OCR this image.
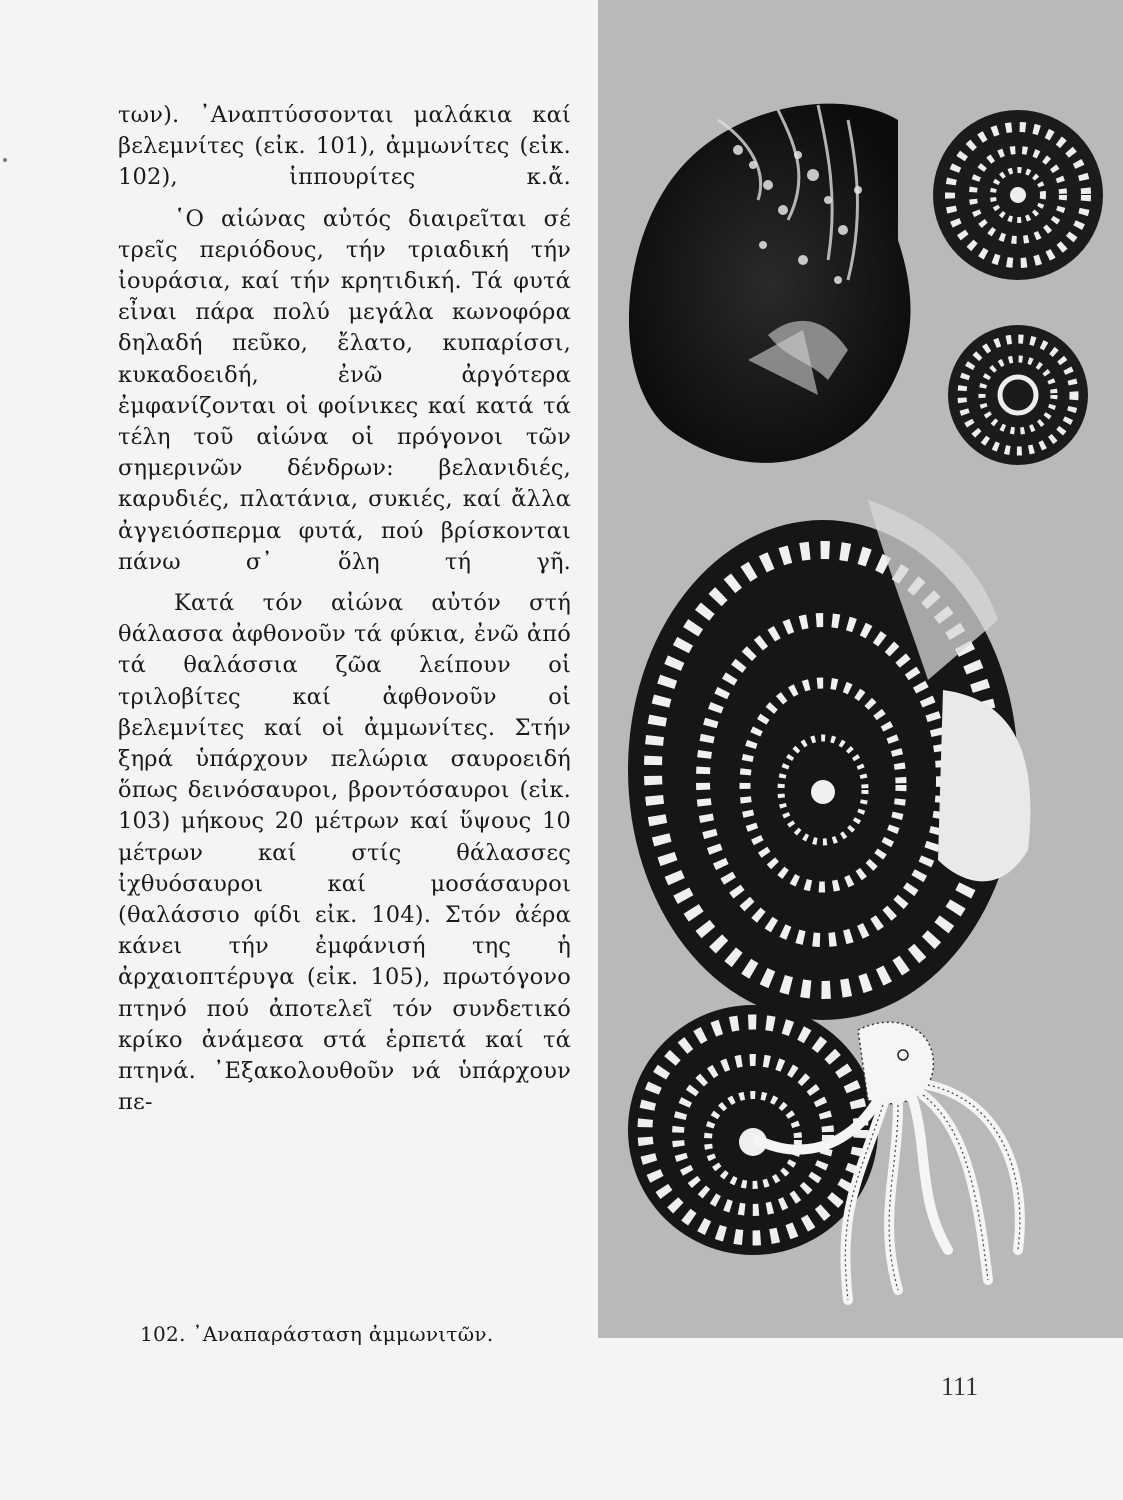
των). ᾿Αναπτύσσονται μαλάκια καί βελεμνίτες (εἰκ. 101), ἀμμωνίτες (εἰκ. 102), ἱππουρίτες κ.ἄ.

῾Ο αἰώνας αὐτός διαιρεῖται σέ τρεῖς περιόδους, τήν τριαδική τήν ἰουράσια, καί τήν κρητιδική. Τά φυτά εἶναι πάρα πολύ μεγάλα κωνοφόρα δηλαδή πεῦκο, ἔλατο, κυπαρίσσι, κυκαδοειδή, ἐνῶ ἀργότερα ἐμφανίζονται οἱ φοίνικες καί κατά τά τέλη τοῦ αἰώνα οἱ πρόγονοι τῶν σημερινῶν δένδρων: βελανιδιές, καρυδιές, πλατάνια, συκιές, καί ἄλλα ἀγγειόσπερμα φυτά, πού βρίσκονται πάνω σ᾿ ὅλη τή γῆ.

Κατά τόν αἰώνα αὐτόν στή θάλασσα ἀφθονοῦν τά φύκια, ἐνῶ ἀπό τά θαλάσσια ζῶα λείπουν οἱ τριλοβίτες καί ἀφθονοῦν οἱ βελεμνίτες καί οἱ ἀμμωνίτες. Στήν ξηρά ὑπάρχουν πελώρια σαυροειδή ὅπως δεινόσαυροι, βροντόσαυροι (εἰκ. 103) μήκους 20 μέτρων καί ὕψους 10 μέτρων καί στίς θάλασσες ἰχθυόσαυροι καί μοσάσαυροι (θαλάσσιο φίδι εἰκ. 104). Στόν ἀέρα κάνει τήν ἐμφάνισή της ἡ ἀρχαιοπτέρυγα (εἰκ. 105), πρωτόγονο πτηνό πού ἀποτελεῖ τόν συνδετικό κρίκο ἀνάμεσα στά ἑρπετά καί τά πτηνά. ᾿Εξακολουθοῦν νά ὑπάρχουν πε-

102. ᾿Αναπαράσταση ἀμμωνιτῶν.
111
